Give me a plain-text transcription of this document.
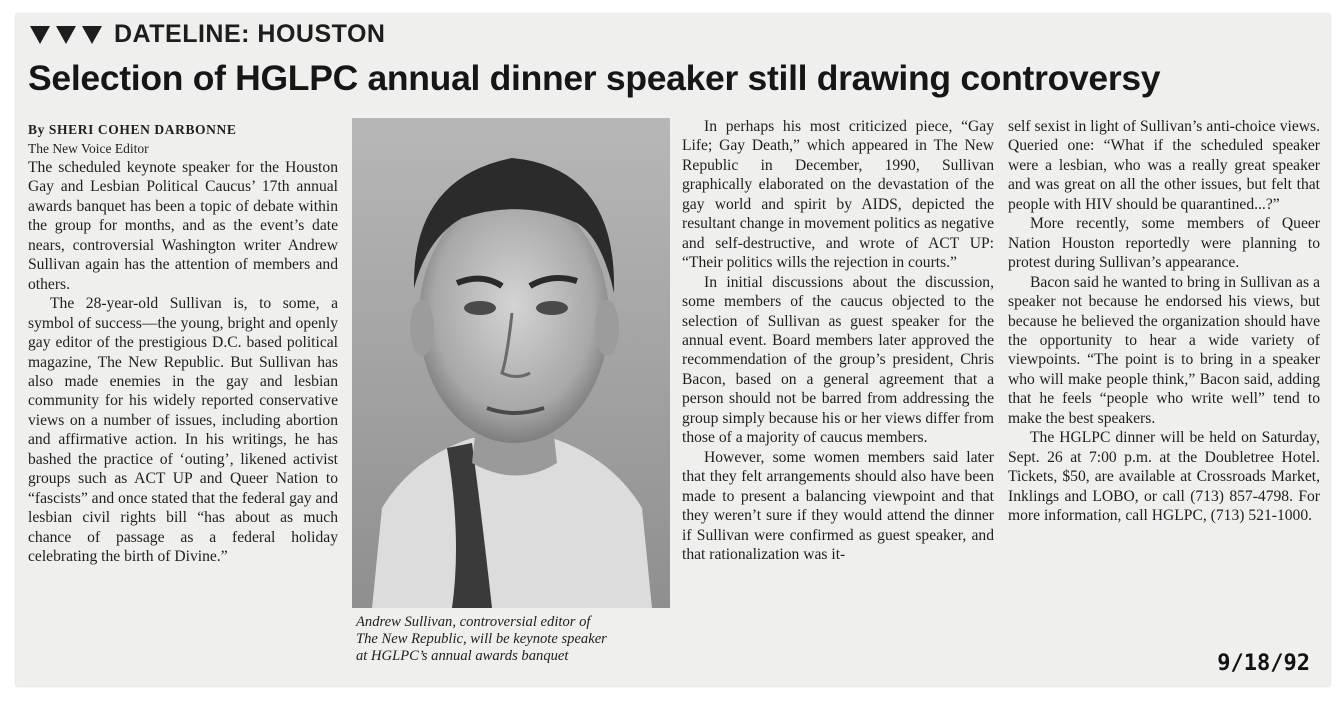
DATELINE: HOUSTON
Selection of HGLPC annual dinner speaker still drawing controversy

By SHERI COHEN DARBONNE

The New Voice Editor

The scheduled keynote speaker for the Houston Gay and Lesbian Political Caucus’ 17th annual awards banquet has been a topic of debate within the group for months, and as the event’s date nears, controversial Washington writer Andrew Sullivan again has the attention of members and others.

The 28-year-old Sullivan is, to some, a symbol of success—the young, bright and openly gay editor of the prestigious D.C. based political magazine, The New Republic. But Sullivan has also made enemies in the gay and lesbian community for his widely reported conservative views on a number of issues, including abortion and affirmative action. In his writings, he has bashed the practice of ‘outing’, likened activist groups such as ACT UP and Queer Nation to “fascists” and once stated that the federal gay and lesbian civil rights bill “has about as much chance of passage as a federal holiday celebrating the birth of Divine.”

Andrew Sullivan, controversial editor of

The New Republic, will be keynote speaker

at HGLPC’s annual awards banquet

In perhaps his most criticized piece, “Gay Life; Gay Death,” which appeared in The New Republic in December, 1990, Sullivan graphically elaborated on the devastation of the gay world and spirit by AIDS, depicted the resultant change in movement politics as negative and self-destructive, and wrote of ACT UP: “Their politics wills the rejection in courts.”

In initial discussions about the discussion, some members of the caucus objected to the selection of Sullivan as guest speaker for the annual event. Board members later approved the recommendation of the group’s president, Chris Bacon, based on a general agreement that a person should not be barred from addressing the group simply because his or her views differ from those of a majority of caucus members.

However, some women members said later that they felt arrangements should also have been made to present a balancing viewpoint and that they weren’t sure if they would attend the dinner if Sullivan were confirmed as guest speaker, and that rationalization was it-

self sexist in light of Sullivan’s anti-choice views. Queried one: “What if the scheduled speaker were a lesbian, who was a really great speaker and was great on all the other issues, but felt that people with HIV should be quarantined...?”

More recently, some members of Queer Nation Houston reportedly were planning to protest during Sullivan’s appearance.

Bacon said he wanted to bring in Sullivan as a speaker not because he endorsed his views, but because he believed the organization should have the opportunity to hear a wide variety of viewpoints. “The point is to bring in a speaker who will make people think,” Bacon said, adding that he feels “people who write well” tend to make the best speakers.

The HGLPC dinner will be held on Saturday, Sept. 26 at 7:00 p.m. at the Doubletree Hotel. Tickets, $50, are available at Crossroads Market, Inklings and LOBO, or call (713) 857-4798. For more information, call HGLPC, (713) 521-1000.

9/18/92
